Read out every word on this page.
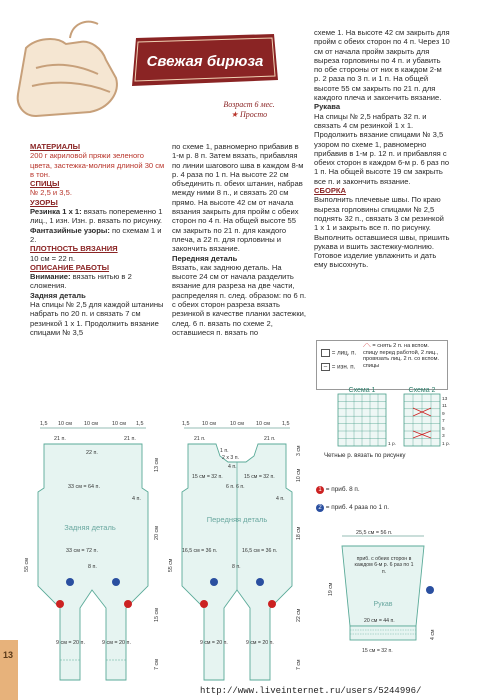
Свежая бирюза
Возраст 6 мес.
★ Просто

МАТЕРИАЛЫ

200 г акриловой пряжи зеленого цвета, застежка-молния длиной 30 см в тон.

СПИЦЫ

№ 2,5 и 3,5.

УЗОРЫ

Резинка 1 х 1: вязать попеременно 1 лиц., 1 изн. Изн. р. вязать по рисунку.

Фантазийные узоры: по схемам 1 и 2.

ПЛОТНОСТЬ ВЯЗАНИЯ

10 см = 22 п.

ОПИСАНИЕ РАБОТЫ

Внимание: вязать нитью в 2 сложения.

Задняя деталь

На спицы № 2,5 для каждой штанины набрать по 20 п. и связать 7 см резинкой 1 х 1. Продолжить вязание спицами № 3,5

по схеме 1, равномерно прибавив в 1-м р. 8 п. Затем вязать, прибавляя по линии шагового шва в каждом 8-м р. 4 раза по 1 п. На высоте 22 см объединить п. обеих штанин, набрав между ними 8 п., и связать 20 см прямо. На высоте 42 см от начала вязания закрыть для пройм с обеих сторон по 4 п. На общей высоте 55 см закрыть по 21 п. для каждого плеча, а 22 п. для горловины и закончить вязание.

Передняя деталь

Вязать, как заднюю деталь. На высоте 24 см от начала разделить вязание для разреза на две части, распределяя п. след. образом: по 6 п. с обеих сторон разреза вязать резинкой в качестве планки застежки, след. 6 п. вязать по схеме 2, оставшиеся п. вязать по

схеме 1. На высоте 42 см закрыть для пройм с обеих сторон по 4 п. Через 10 см от начала пройм закрыть для выреза горловины по 4 п. и убавить по обе стороны от них в каждом 2-м р. 2 раза по 3 п. и 1 п. На общей высоте 55 см закрыть по 21 п. для каждого плеча и закончить вязание.

Рукава

На спицы № 2,5 набрать 32 п. и связать 4 см резинкой 1 х 1. Продолжить вязание спицами № 3,5 узором по схеме 1, равномерно прибавив в 1-м р. 12 п. и прибавляя с обеих сторон в каждом 6-м р. 6 раз по 1 п. На общей высоте 19 см закрыть все п. и закончить вязание.

СБОРКА

Выполнить плечевые швы. По краю выреза горловины спицами № 2,5 поднять 32 п., связать 3 см резинкой 1 х 1 и закрыть все п. по рисунку. Выполнить оставшиеся швы, пришить рукава и вшить застежку-молнию. Готовое изделие увлажнить и дать ему высохнуть.

= лиц. п.
– = изн. п.
⟋⟍ = снять 2 п. на вспом. спицу перед работой, 2 лиц., провязать лиц. 2 п. со вспом. спицы
Схема 1	Схема 2
13
11
9
7
5
3
1 р.
1 р.
Четные р. вязать по рисунку
1 = приб. 8 п.
2 = приб. 4 раза по 1 п.
1,5 10 см 10 см	10 см 1,5
21 п.
22 п.
21 п.
33 см = 64 п.
4 п.
33 см = 72 п.
8 п.
9 см = 20 п.	9 см = 20 п.
55 см
13 см
20 см
15 см
7 см
Задняя деталь
1,5 10 см	10 см 10 см 1,5
21 п.	21 п.
1 п.
2 х 3 п.
4 п.
15 см = 32 п.	15 см = 32 п.
4 п.
6 п. 6 п.
16,5 см = 36 п.	16,5 см = 36 п.
8 п.
9 см = 20 п.	9 см = 20 п.
3 см
10 см
18 см
22 см
7 см
55 см
Передняя деталь
25,5 см = 56 п.
приб. с обеих сторон в каждом 6-м р. 6 раз по 1 п.
Рукав
20 см = 44 п.
15 см = 32 п.
19 см
4 см
13
http://www.liveinternet.ru/users/5244996/
